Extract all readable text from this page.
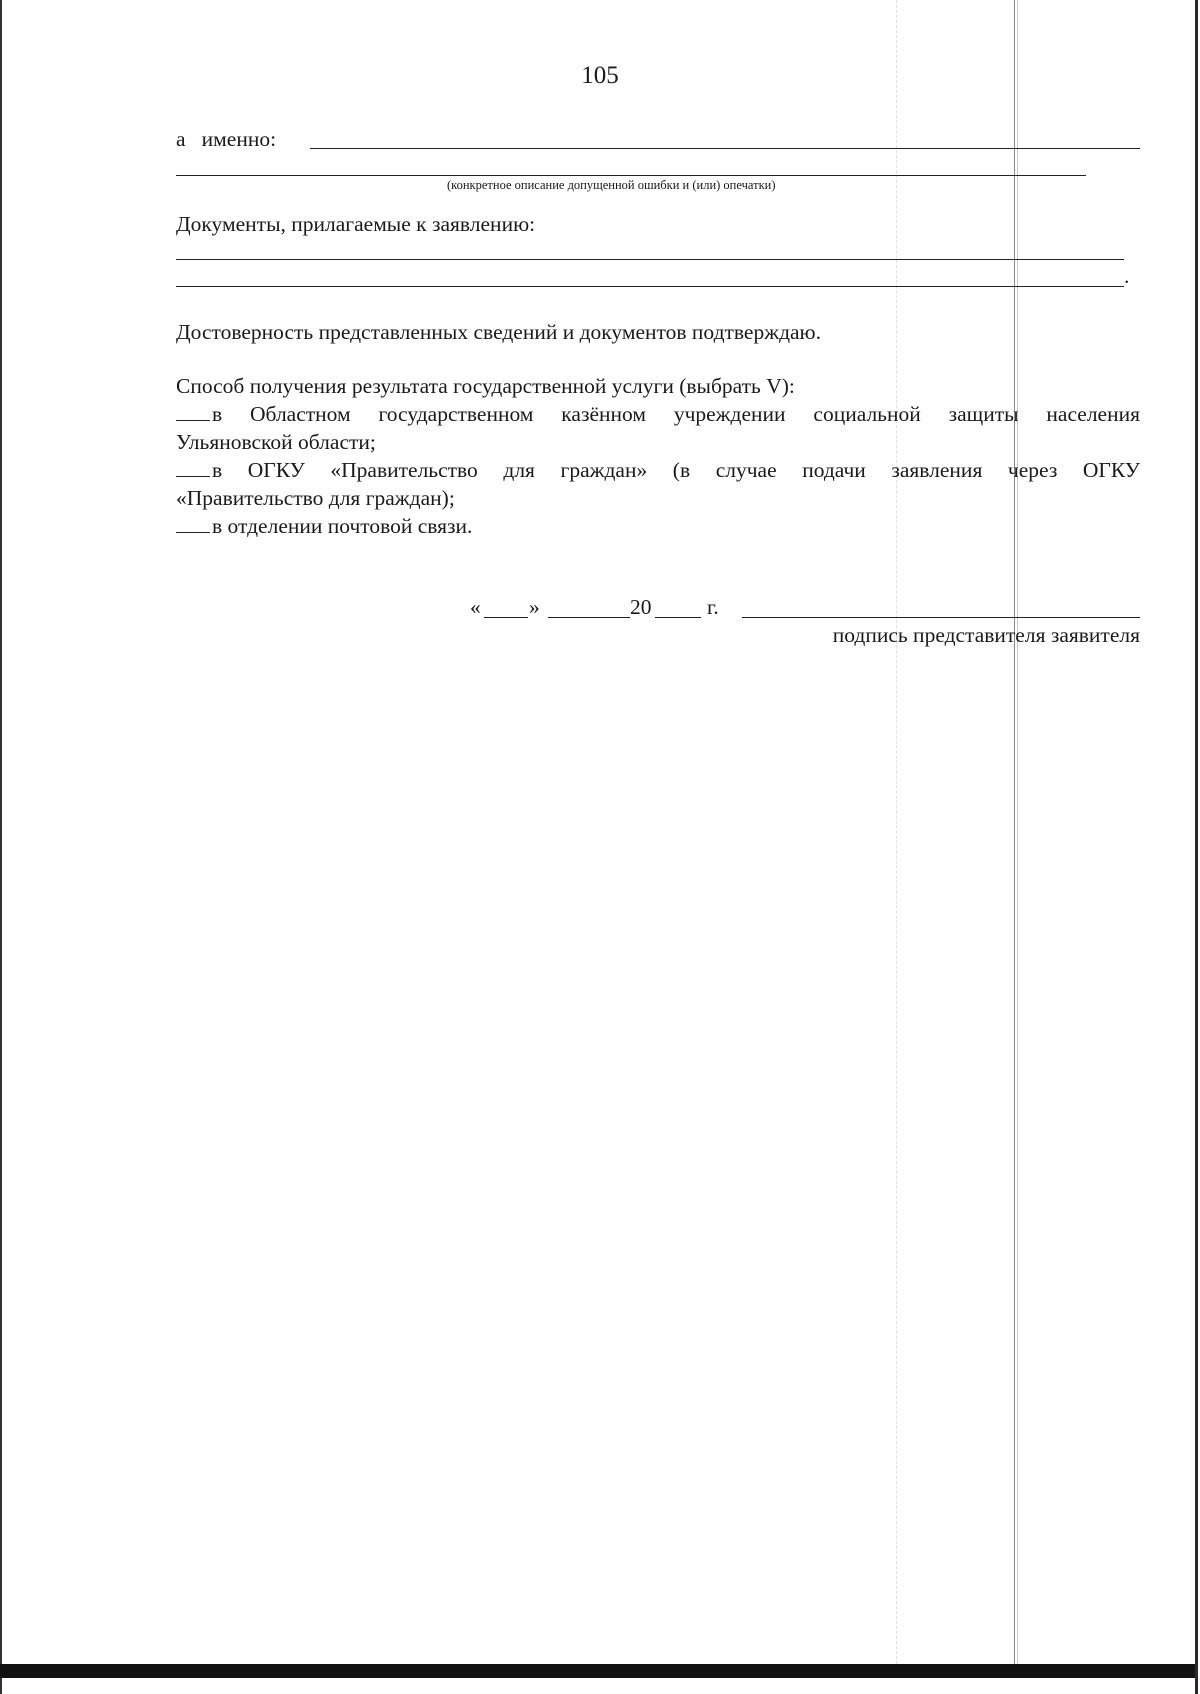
105
а   именно:
(конкретное описание допущенной ошибки и (или) опечатки)
Документы, прилагаемые к заявлению:
.
Достоверность представленных сведений и документов подтверждаю.
Способ получения результата государственной услуги (выбрать V):
в Областном государственном казённом учреждении социальной защиты населения
Ульяновской области;
в ОГКУ «Правительство для граждан» (в случае подачи заявления через ОГКУ
«Правительство для граждан);
в отделении почтовой связи.
« »	20	г.
подпись представителя заявителя
